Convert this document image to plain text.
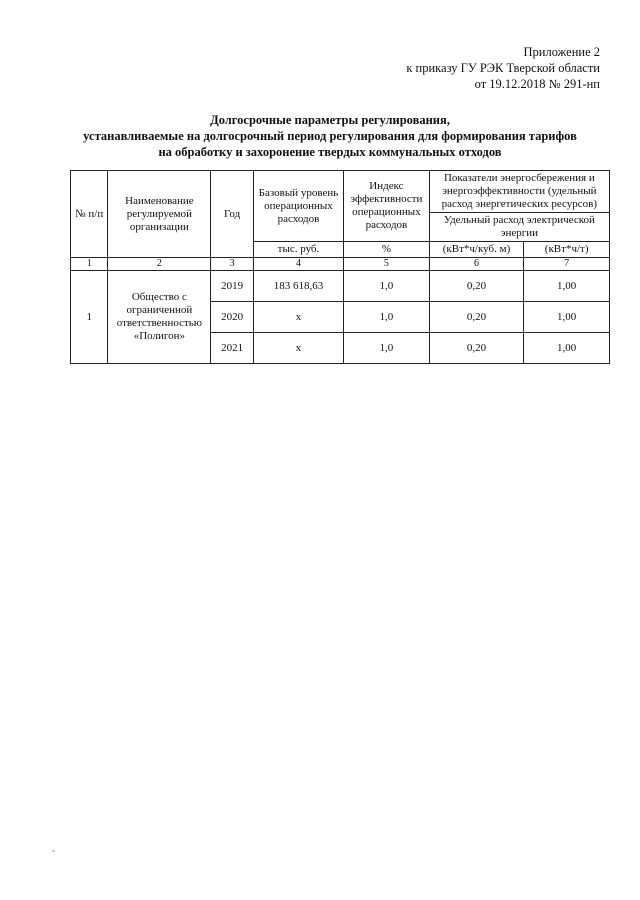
Приложение 2
к приказу ГУ РЭК Тверской области
от 19.12.2018 № 291-нп
Долгосрочные параметры регулирования,
устанавливаемые на долгосрочный период регулирования для формирования тарифов
на обработку и захоронение твердых коммунальных отходов
№ п/п	Наименование регулируемой организации	Год	Базовый уровень операционных расходов	Индекс эффективности операционных расходов	Показатели энергосбережения и энергоэффективности (удельный расход энергетических ресурсов)	
					Удельный расход электрической энергии	
			тыс. руб.	%	(кВт*ч/куб. м)	(кВт*ч/т)
1	2	3	4	5	6	7
1	Общество с ограниченной ответственностью «Полигон»	2019	183 618,63	1,0	0,20	1,00
		2020	x	1,0	0,20	1,00
		2021	x	1,0	0,20	1,00
